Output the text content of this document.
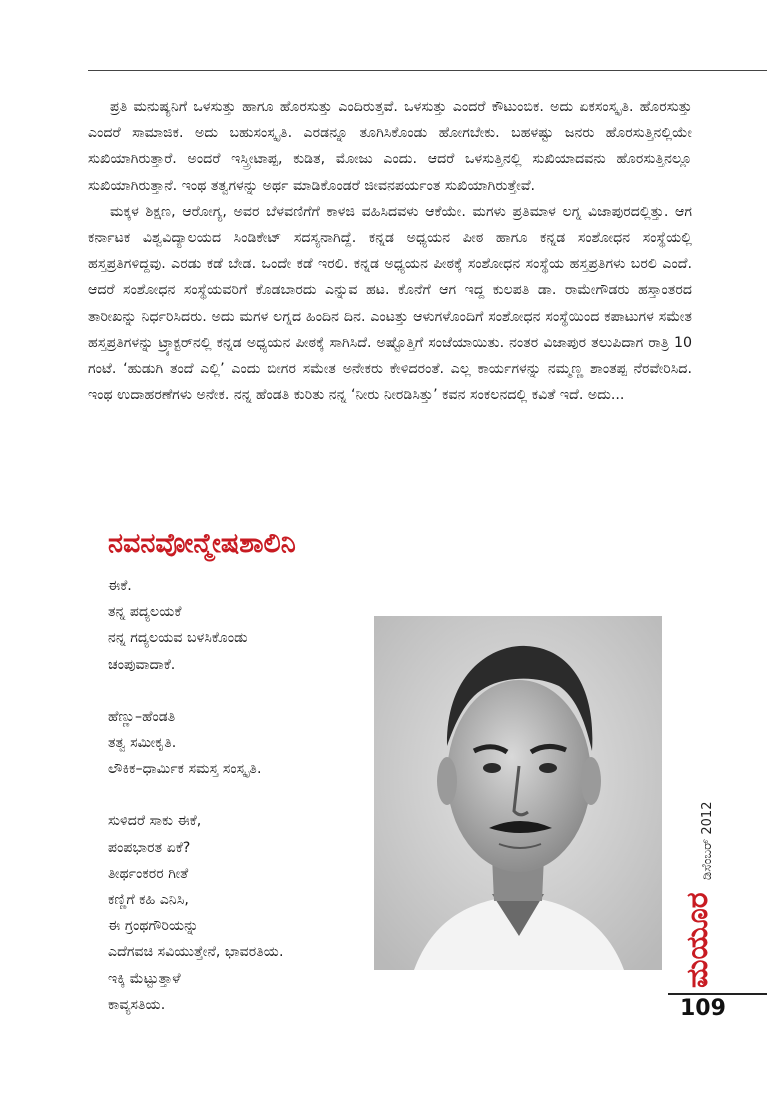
ಪ್ರತಿ ಮನುಷ್ಯನಿಗೆ ಒಳಸುತ್ತು ಹಾಗೂ ಹೊರಸುತ್ತು ಎಂದಿರುತ್ತವೆ. ಒಳಸುತ್ತು ಎಂದರೆ ಕೌಟುಂಬಿಕ. ಅದು ಏಕಸಂಸ್ಕೃತಿ. ಹೊರಸುತ್ತು ಎಂದರೆ ಸಾಮಾಜಿಕ. ಅದು ಬಹುಸಂಸ್ಕೃತಿ. ಎರಡನ್ನೂ ತೂಗಿಸಿಕೊಂಡು ಹೋಗಬೇಕು. ಬಹಳಷ್ಟು ಜನರು ಹೊರಸುತ್ತಿನಲ್ಲಿಯೇ ಸುಖಿಯಾಗಿರುತ್ತಾರೆ. ಅಂದರೆ ಇಸ್ತ್ರೀಟಾಪ್ಪ, ಕುಡಿತ, ಮೋಜು ಎಂದು. ಆದರೆ ಒಳಸುತ್ತಿನಲ್ಲಿ ಸುಖಿಯಾದವನು ಹೊರಸುತ್ತಿನಲ್ಲೂ ಸುಖಿಯಾಗಿರುತ್ತಾನೆ. ಇಂಥ ತತ್ವಗಳನ್ನು ಅರ್ಥ ಮಾಡಿಕೊಂಡರೆ ಜೀವನಪರ್ಯಂತ ಸುಖಿಯಾಗಿರುತ್ತೇವೆ.

ಮಕ್ಕಳ ಶಿಕ್ಷಣ, ಆರೋಗ್ಯ, ಅವರ ಬೆಳವಣಿಗೆಗೆ ಕಾಳಜಿ ವಹಿಸಿದವಳು ಆಕೆಯೇ. ಮಗಳು ಪ್ರತಿಮಾಳ ಲಗ್ನ ವಿಜಾಪುರದಲ್ಲಿತ್ತು. ಆಗ ಕರ್ನಾಟಕ ವಿಶ್ವವಿದ್ಯಾಲಯದ ಸಿಂಡಿಕೇಟ್ ಸದಸ್ಯನಾಗಿದ್ದೆ. ಕನ್ನಡ ಅಧ್ಯಯನ ಪೀಠ ಹಾಗೂ ಕನ್ನಡ ಸಂಶೋಧನ ಸಂಸ್ಥೆಯಲ್ಲಿ ಹಸ್ತಪ್ರತಿಗಳಿದ್ದವು. ಎರಡು ಕಡೆ ಬೇಡ. ಒಂದೇ ಕಡೆ ಇರಲಿ. ಕನ್ನಡ ಅಧ್ಯಯನ ಪೀಠಕ್ಕೆ ಸಂಶೋಧನ ಸಂಸ್ಥೆಯ ಹಸ್ತಪ್ರತಿಗಳು ಬರಲಿ ಎಂದೆ. ಆದರೆ ಸಂಶೋಧನ ಸಂಸ್ಥೆಯವರಿಗೆ ಕೊಡಬಾರದು ಎನ್ನುವ ಹಟ. ಕೊನೆಗೆ ಆಗ ಇದ್ದ ಕುಲಪತಿ ಡಾ. ರಾಮೇಗೌಡರು ಹಸ್ತಾಂತರದ ತಾರೀಖನ್ನು ನಿರ್ಧರಿಸಿದರು. ಅದು ಮಗಳ ಲಗ್ನದ ಹಿಂದಿನ ದಿನ. ಎಂಟತ್ತು ಆಳುಗಳೊಂದಿಗೆ ಸಂಶೋಧನ ಸಂಸ್ಥೆಯಿಂದ ಕಪಾಟುಗಳ ಸಮೇತ ಹಸ್ತಪ್ರತಿಗಳನ್ನು ಟ್ರ್ಯಾಕ್ಟರ್‌ನಲ್ಲಿ ಕನ್ನಡ ಅಧ್ಯಯನ ಪೀಠಕ್ಕೆ ಸಾಗಿಸಿದೆ. ಅಷ್ಟೊತ್ತಿಗೆ ಸಂಜೆಯಾಯಿತು. ನಂತರ ವಿಜಾಪುರ ತಲುಪಿದಾಗ ರಾತ್ರಿ 10 ಗಂಟೆ. ‘ಹುಡುಗಿ ತಂದೆ ಎಲ್ಲಿ’ ಎಂದು ಬೀಗರ ಸಮೇತ ಅನೇಕರು ಕೇಳಿದರಂತೆ. ಎಲ್ಲ ಕಾರ್ಯಗಳನ್ನು ನಮ್ಮಣ್ಣ ಶಾಂತಪ್ಪ ನೆರವೇರಿಸಿದ. ಇಂಥ ಉದಾಹರಣೆಗಳು ಅನೇಕ. ನನ್ನ ಹೆಂಡತಿ ಕುರಿತು ನನ್ನ ‘ನೀರು ನೀರಡಿಸಿತ್ತು’ ಕವನ ಸಂಕಲನದಲ್ಲಿ ಕವಿತೆ ಇದೆ. ಅದು...

ನವನವೋನ್ಮೇಷಶಾಲಿನಿ
ಈಕೆ.
ತನ್ನ ಪದ್ಯಲಯಕೆ
ನನ್ನ ಗದ್ಯಲಯವ ಬಳಸಿಕೊಂಡು
ಚಂಪುವಾದಾಕೆ.
ಹೆಣ್ಣು–ಹೆಂಡತಿ
ತತ್ವ ಸಮೀಕೃತಿ.
ಲೌಕಿಕ–ಧಾರ್ಮಿಕ ಸಮಸ್ತ ಸಂಸ್ಕೃತಿ.
ಸುಳಿದರೆ ಸಾಕು ಈಕೆ,
ಪಂಪಭಾರತ ಏಕೆ?
ತೀರ್ಥಂಕರರ ಗೀತೆ
ಕಣ್ಣಿಗೆ ಕಹಿ ಎನಿಸಿ,
ಈ ಗ್ರಂಥಗೌರಿಯನ್ನು
ಎದೆಗವಚಿ ಸವಿಯುತ್ತೇನೆ, ಭಾವರತಿಯ.
ಇಕ್ಕಿ ಮೆಟ್ಟುತ್ತಾಳೆ
ಕಾವ್ಯಸತಿಯ.
ಡಿಸೆಂಬರ್ 2012
ಮಯೂರ
109
